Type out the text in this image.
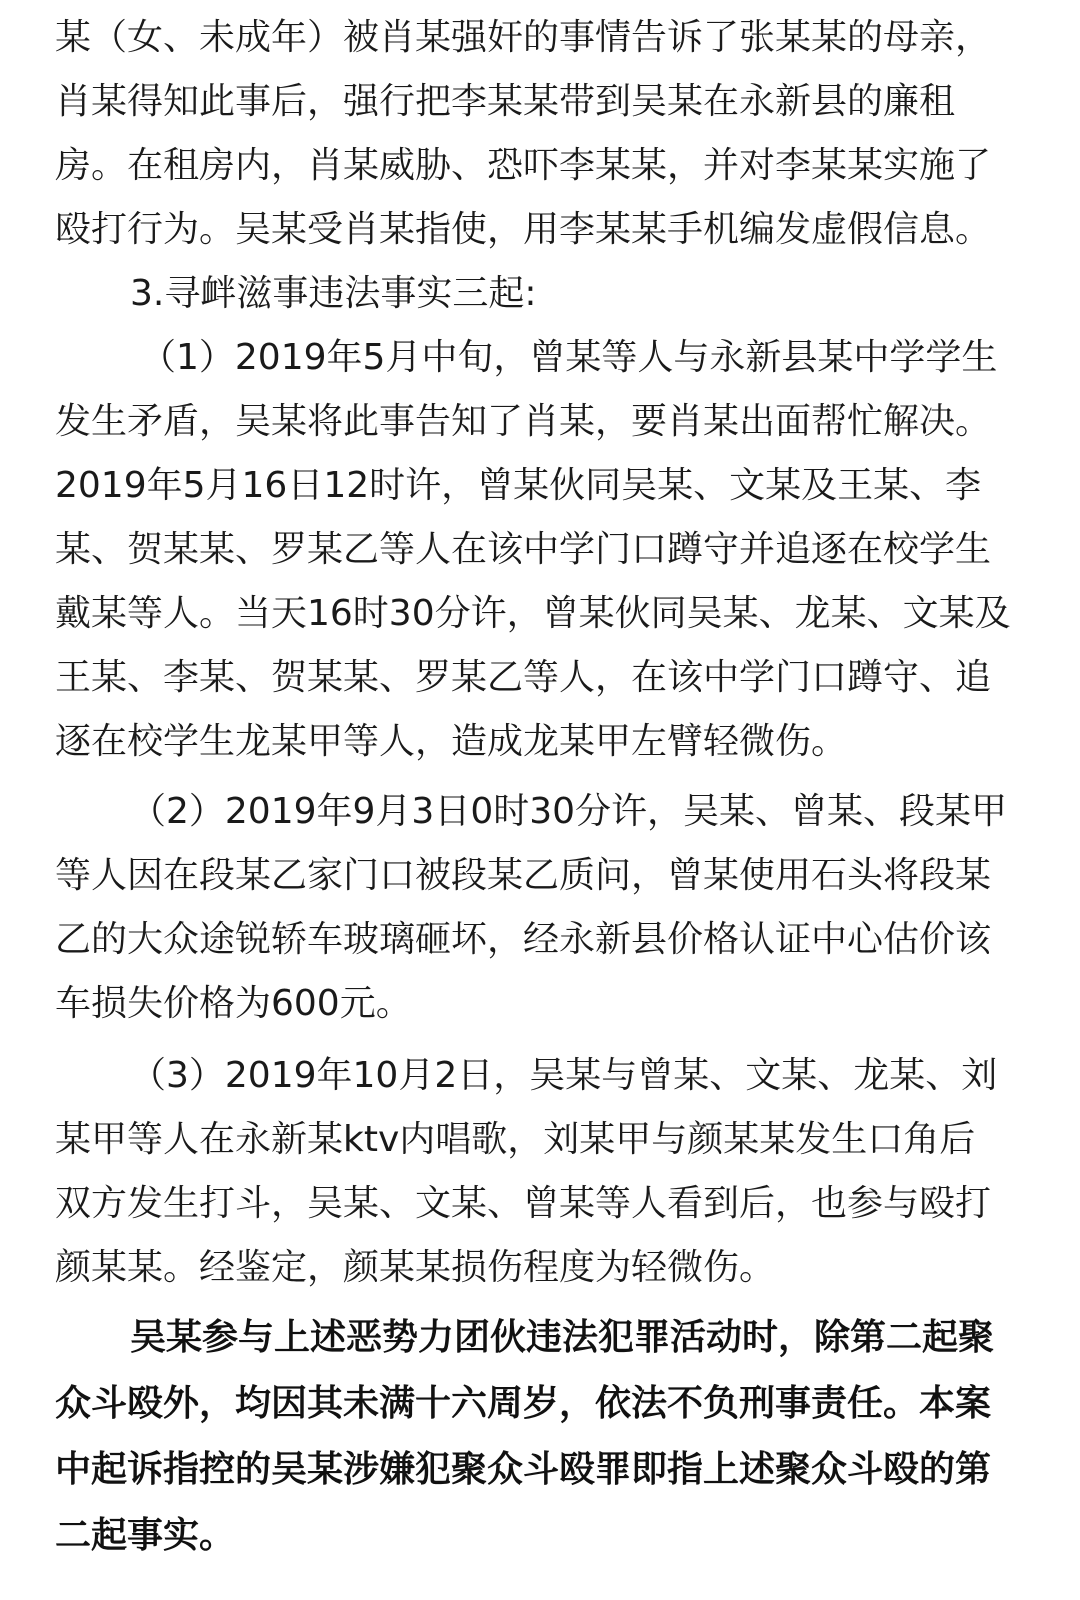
某（女、未成年）被肖某强奸的事情告诉了张某某的母亲，
肖某得知此事后，强行把李某某带到吴某在永新县的廉租
房。在租房内，肖某威胁、恐吓李某某，并对李某某实施了
殴打行为。吴某受肖某指使，用李某某手机编发虚假信息。
3.寻衅滋事违法事实三起:
（1）2019年5月中旬，曾某等人与永新县某中学学生
发生矛盾，吴某将此事告知了肖某，要肖某出面帮忙解决。
2019年5月16日12时许，曾某伙同吴某、文某及王某、李
某、贺某某、罗某乙等人在该中学门口蹲守并追逐在校学生
戴某等人。当天16时30分许，曾某伙同吴某、龙某、文某及
王某、李某、贺某某、罗某乙等人，在该中学门口蹲守、追
逐在校学生龙某甲等人，造成龙某甲左臂轻微伤。
（2）2019年9月3日0时30分许，吴某、曾某、段某甲
等人因在段某乙家门口被段某乙质问，曾某使用石头将段某
乙的大众途锐轿车玻璃砸坏，经永新县价格认证中心估价该
车损失价格为600元。
（3）2019年10月2日，吴某与曾某、文某、龙某、刘
某甲等人在永新某ktv内唱歌，刘某甲与颜某某发生口角后
双方发生打斗，吴某、文某、曾某等人看到后，也参与殴打
颜某某。经鉴定，颜某某损伤程度为轻微伤。
吴某参与上述恶势力团伙违法犯罪活动时，除第二起聚
众斗殴外，均因其未满十六周岁，依法不负刑事责任。本案
中起诉指控的吴某涉嫌犯聚众斗殴罪即指上述聚众斗殴的第
二起事实。
